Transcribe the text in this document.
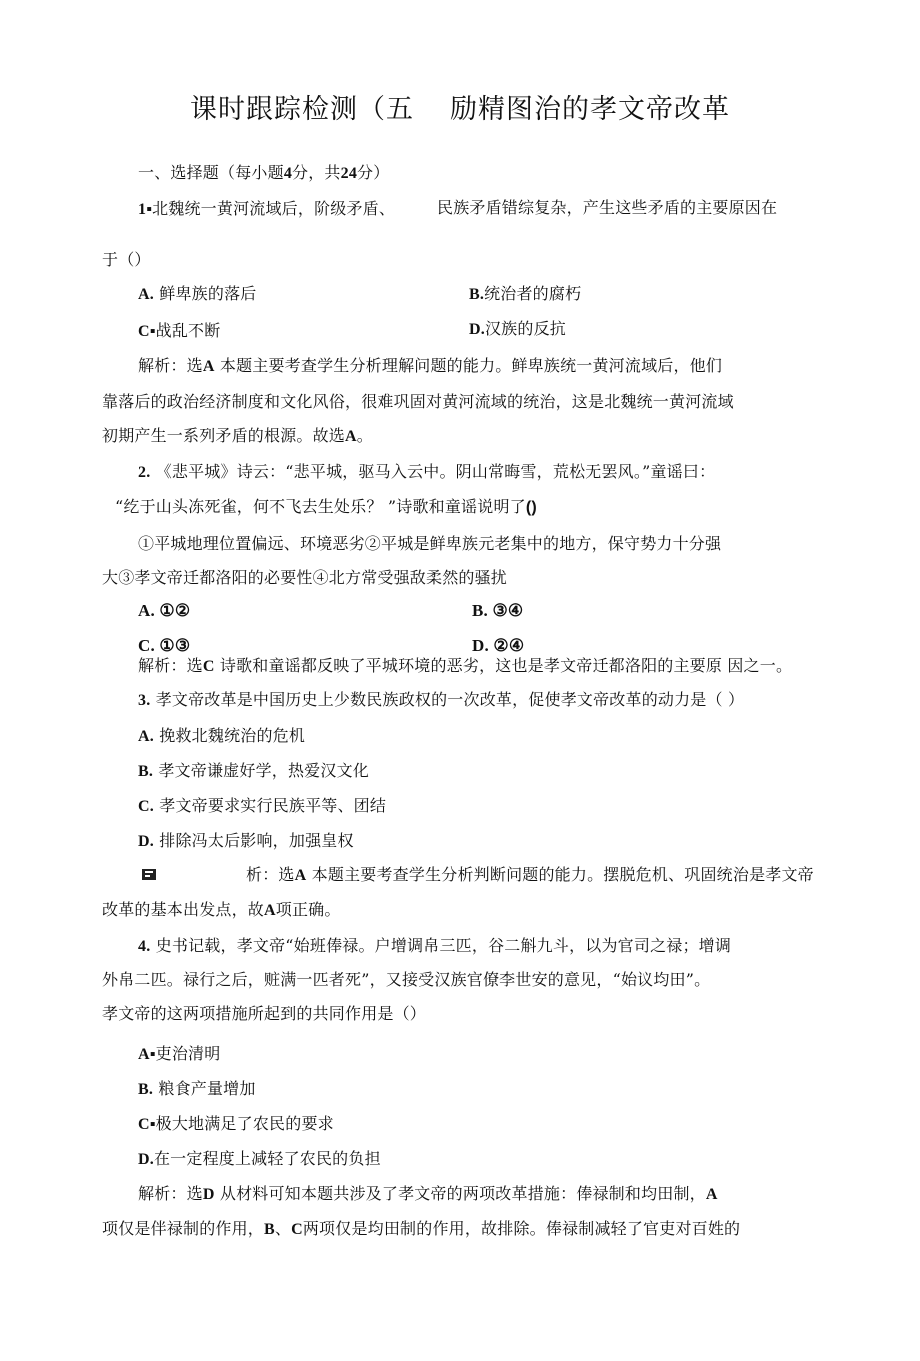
课时跟踪检测（五 励精图治的孝文帝改革
一、选择题（每小题4分，共24分）
1▪北魏统一黄河流域后，阶级矛盾、	民族矛盾错综复杂，产生这些矛盾的主要原因在
于（）
A. 鲜卑族的落后	B.统治者的腐朽
C▪战乱不断	D.汉族的反抗
解析：选A 本题主要考查学生分析理解问题的能力。鲜卑族统一黄河流域后，他们
靠落后的政治经济制度和文化风俗，很难巩固对黄河流域的统治，这是北魏统一黄河流域
初期产生一系列矛盾的根源。故选A。
2. 《悲平城》诗云：“悲平城，驱马入云中。阴山常晦雪，荒松无罢风。”童谣曰：
“纥于山头冻死雀，何不飞去生处乐？ ”诗歌和童谣说明了()
①平城地理位置偏远、环境恶劣②平城是鲜卑族元老集中的地方，保守势力十分强
大③孝文帝迁都洛阳的必要性④北方常受强敌柔然的骚扰
A. ①②	B. ③④
C. ①③	D. ②④
解析：选C 诗歌和童谣都反映了平城环境的恶劣，这也是孝文帝迁都洛阳的主要原 因之一。
3. 孝文帝改革是中国历史上少数民族政权的一次改革，促使孝文帝改革的动力是（ ）
A. 挽救北魏统治的危机
B. 孝文帝谦虚好学，热爱汉文化
C. 孝文帝要求实行民族平等、团结
D. 排除冯太后影响，加强皇权
析：选A 本题主要考查学生分析判断问题的能力。摆脱危机、巩固统治是孝文帝
改革的基本出发点，故A项正确。
4. 史书记载，孝文帝“始班俸禄。户增调帛三匹，谷二斛九斗，以为官司之禄；增调
外帛二匹。禄行之后，赃满一匹者死”，又接受汉族官僚李世安的意见，“始议均田”。
孝文帝的这两项措施所起到的共同作用是（）
A▪吏治清明
B. 粮食产量增加
C▪极大地满足了农民的要求
D.在一定程度上减轻了农民的负担
解析：选D 从材料可知本题共涉及了孝文帝的两项改革措施：俸禄制和均田制，A
项仅是伴禄制的作用，B、C两项仅是均田制的作用，故排除。俸禄制减轻了官吏对百姓的
